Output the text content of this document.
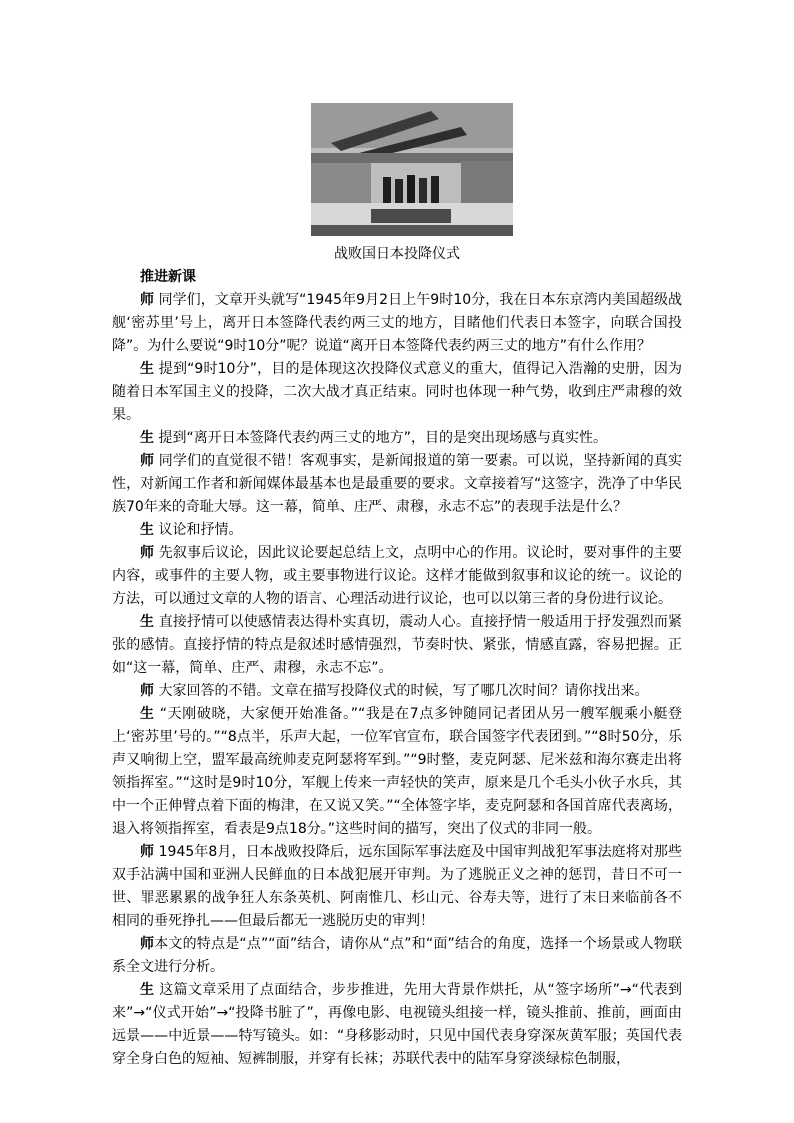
战败国日本投降仪式

推进新课

师 同学们，文章开头就写“1945年9月2日上午9时10分，我在日本东京湾内美国超级战舰‘密苏里’号上，离开日本签降代表约两三丈的地方，目睹他们代表日本签字，向联合国投降”。为什么要说“9时10分”呢？说道“离开日本签降代表约两三丈的地方”有什么作用？

生 提到“9时10分”，目的是体现这次投降仪式意义的重大，值得记入浩瀚的史册，因为随着日本军国主义的投降，二次大战才真正结束。同时也体现一种气势，收到庄严肃穆的效果。

生 提到“离开日本签降代表约两三丈的地方”，目的是突出现场感与真实性。

师 同学们的直觉很不错！客观事实，是新闻报道的第一要素。可以说，坚持新闻的真实性，对新闻工作者和新闻媒体最基本也是最重要的要求。文章接着写“这签字，洗净了中华民族70年来的奇耻大辱。这一幕，简单、庄严、肃穆，永志不忘”的表现手法是什么？

生 议论和抒情。

师 先叙事后议论，因此议论要起总结上文，点明中心的作用。议论时，要对事件的主要内容，或事件的主要人物，或主要事物进行议论。这样才能做到叙事和议论的统一。议论的方法，可以通过文章的人物的语言、心理活动进行议论，也可以以第三者的身份进行议论。

生 直接抒情可以使感情表达得朴实真切，震动人心。直接抒情一般适用于抒发强烈而紧张的感情。直接抒情的特点是叙述时感情强烈，节奏时快、紧张，情感直露，容易把握。正如“这一幕，简单、庄严、肃穆，永志不忘”。

师 大家回答的不错。文章在描写投降仪式的时候，写了哪几次时间？请你找出来。

生 “天刚破晓，大家便开始准备。”“我是在7点多钟随同记者团从另一艘军舰乘小艇登上‘密苏里’号的。”“8点半，乐声大起，一位军官宣布，联合国签字代表团到。”“8时50分，乐声又响彻上空，盟军最高统帅麦克阿瑟将军到。”“9时整，麦克阿瑟、尼米兹和海尔赛走出将领指挥室。”“这时是9时10分，军舰上传来一声轻快的笑声，原来是几个毛头小伙子水兵，其中一个正伸臂点着下面的梅津，在又说又笑。”“全体签字毕，麦克阿瑟和各国首席代表离场，退入将领指挥室，看表是9点18分。”这些时间的描写，突出了仪式的非同一般。

师 1945年8月，日本战败投降后，远东国际军事法庭及中国审判战犯军事法庭将对那些双手沾满中国和亚洲人民鲜血的日本战犯展开审判。为了逃脱正义之神的惩罚，昔日不可一世、罪恶累累的战争狂人东条英机、阿南惟几、杉山元、谷寿夫等，进行了末日来临前各不相同的垂死挣扎——但最后都无一逃脱历史的审判！

师本文的特点是“点”“面”结合，请你从“点”和“面”结合的角度，选择一个场景或人物联系全文进行分析。

生 这篇文章采用了点面结合，步步推进，先用大背景作烘托，从“签字场所”→“代表到来”→“仪式开始”→“投降书脏了”，再像电影、电视镜头组接一样，镜头推前、推前，画面由远景——中近景——特写镜头。如：“身移影动时，只见中国代表身穿深灰黄军服；英国代表穿全身白色的短袖、短裤制服，并穿有长袜；苏联代表中的陆军身穿淡绿棕色制服，
